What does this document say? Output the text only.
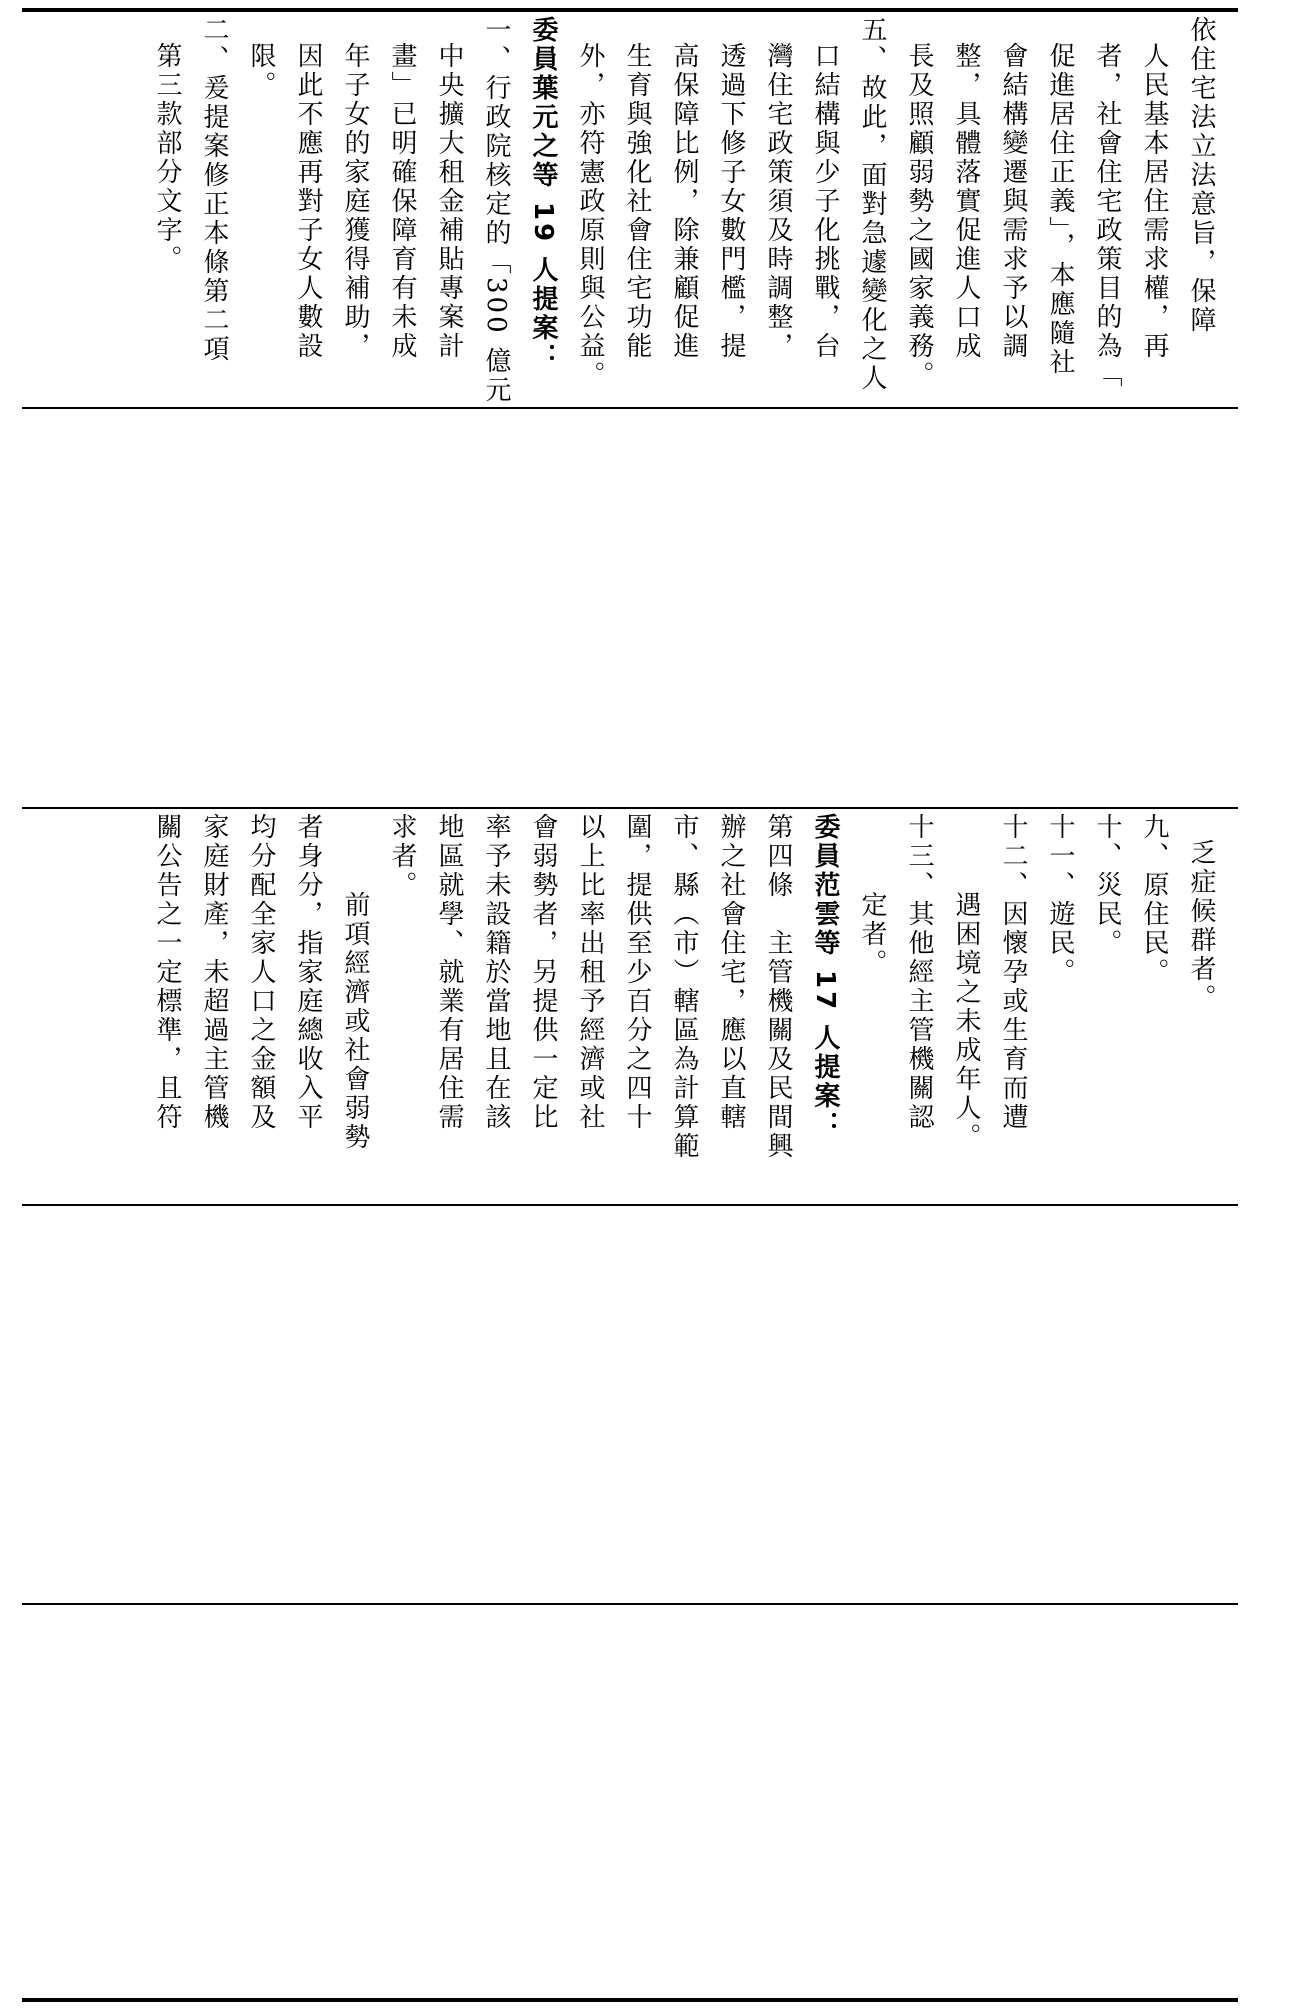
依住宅法立法意旨，保障
人民基本居住需求權，再
者，社會住宅政策目的為「
促進居住正義」，本應隨社
會結構變遷與需求予以調
整，具體落實促進人口成
長及照顧弱勢之國家義務。
五、故此，面對急遽變化之人
口結構與少子化挑戰，台
灣住宅政策須及時調整，
透過下修子女數門檻，提
高保障比例，除兼顧促進
生育與強化社會住宅功能
外，亦符憲政原則與公益。
委員葉元之等 19 人提案：
一、行政院核定的「300 億元
中央擴大租金補貼專案計
畫」已明確保障育有未成
年子女的家庭獲得補助，
因此不應再對子女人數設
限。
二、爰提案修正本條第二項
第三款部分文字。
乏症候群者。
九、原住民。
十、災民。
十一、遊民。
十二、因懷孕或生育而遭
遇困境之未成年人。
十三、其他經主管機關認
定者。
委員范雲等 17 人提案：
第四條　主管機關及民間興
辦之社會住宅，應以直轄
市、縣（市）轄區為計算範
圍，提供至少百分之四十
以上比率出租予經濟或社
會弱勢者，另提供一定比
率予未設籍於當地且在該
地區就學、就業有居住需
求者。
前項經濟或社會弱勢
者身分，指家庭總收入平
均分配全家人口之金額及
家庭財產，未超過主管機
關公告之一定標準，且符
